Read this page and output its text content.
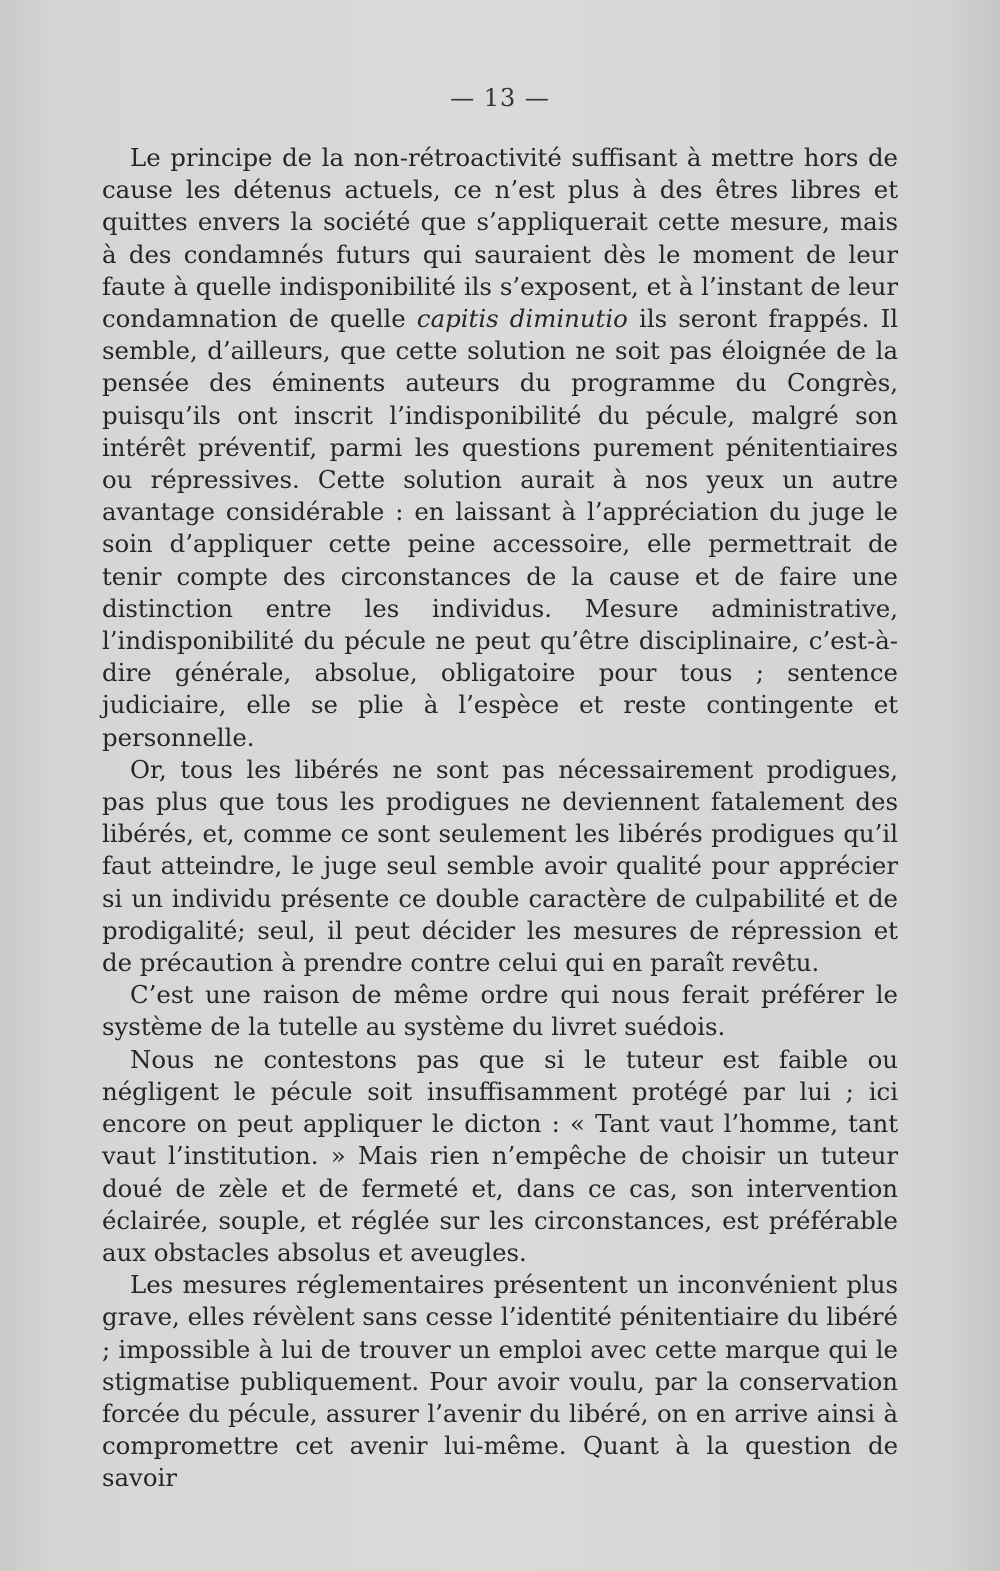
— 13 —

Le principe de la non-rétroactivité suffisant à mettre hors de cause les détenus actuels, ce n’est plus à des êtres libres et quittes envers la société que s’appliquerait cette mesure, mais à des condamnés futurs qui sauraient dès le moment de leur faute à quelle indisponibilité ils s’exposent, et à l’instant de leur condamnation de quelle capitis diminutio ils seront frappés. Il semble, d’ailleurs, que cette solution ne soit pas éloignée de la pensée des éminents auteurs du programme du Congrès, puisqu’ils ont inscrit l’indisponibilité du pécule, malgré son intérêt préventif, parmi les questions purement pénitentiaires ou répressives. Cette solution aurait à nos yeux un autre avantage considérable : en laissant à l’appréciation du juge le soin d’appliquer cette peine accessoire, elle permettrait de tenir compte des circonstances de la cause et de faire une distinction entre les individus. Mesure administrative, l’indisponibilité du pécule ne peut qu’être disciplinaire, c’est-à-dire générale, absolue, obligatoire pour tous ; sentence judiciaire, elle se plie à l’espèce et reste contingente et personnelle.

Or, tous les libérés ne sont pas nécessairement prodigues, pas plus que tous les prodigues ne deviennent fatalement des libérés, et, comme ce sont seulement les libérés prodigues qu’il faut atteindre, le juge seul semble avoir qualité pour apprécier si un individu présente ce double caractère de culpabilité et de prodigalité; seul, il peut décider les mesures de répression et de précaution à prendre contre celui qui en paraît revêtu.

C’est une raison de même ordre qui nous ferait préférer le système de la tutelle au système du livret suédois.

Nous ne contestons pas que si le tuteur est faible ou négligent le pécule soit insuffisamment protégé par lui ; ici encore on peut appliquer le dicton : « Tant vaut l’homme, tant vaut l’institution. » Mais rien n’empêche de choisir un tuteur doué de zèle et de fermeté et, dans ce cas, son intervention éclairée, souple, et réglée sur les circonstances, est préférable aux obstacles absolus et aveugles.

Les mesures réglementaires présentent un inconvénient plus grave, elles révèlent sans cesse l’identité pénitentiaire du libéré ; impossible à lui de trouver un emploi avec cette marque qui le stigmatise publiquement. Pour avoir voulu, par la conservation forcée du pécule, assurer l’avenir du libéré, on en arrive ainsi à compromettre cet avenir lui-même. Quant à la question de savoir
